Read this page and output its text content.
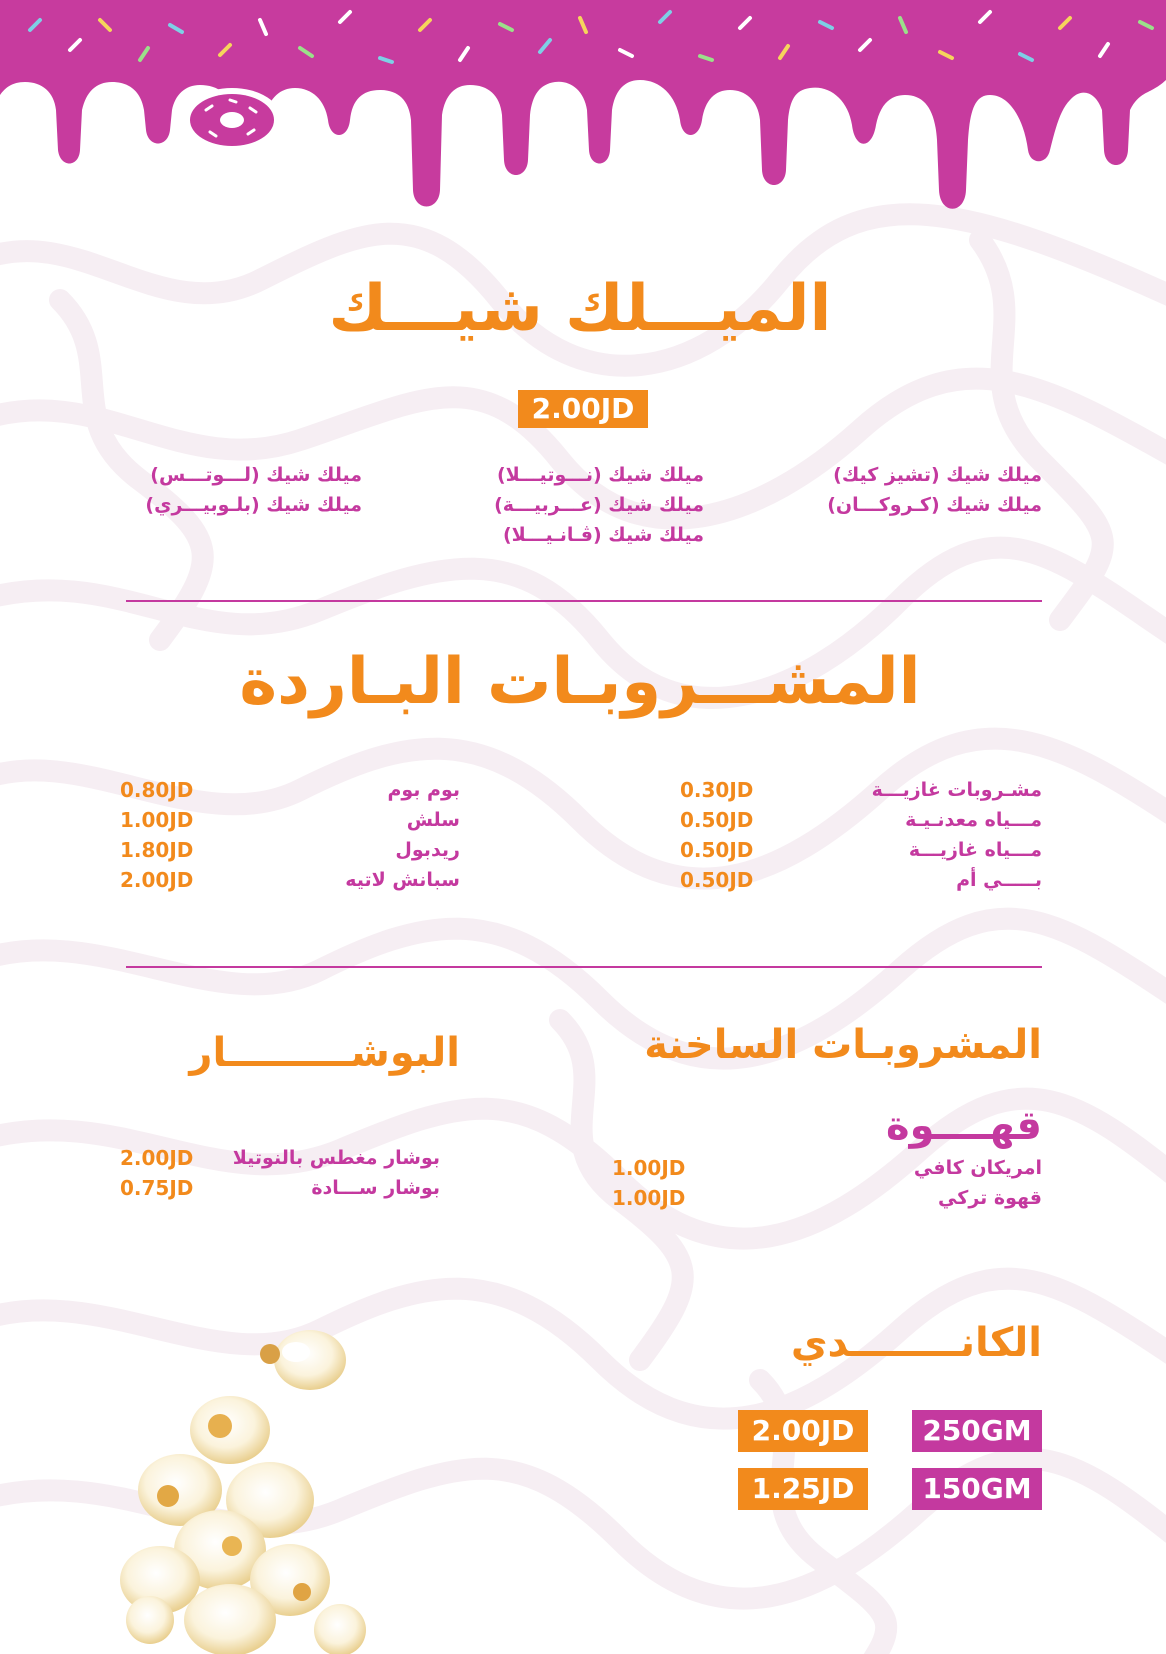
الميـــلك شيـــك
2.00JD
ميلك شيك (تشيز كيك)
ميلك شيك (كـروكـــان)
ميلك شيك (نـــوتيـــلا)
ميلك شيك (عـــربيـــة)
ميلك شيك (ڤـانـيـــلا)
ميلك شيك (لـــوتـــس)
ميلك شيك (بلـوبيـــري)
المشـــروبـات البـاردة
0.30JD	مشـروبات غازيـــة
0.50JD	مـــياه معدنـيـة
0.50JD	مـــياه غازيـــة
0.50JD	بـــــي أم
0.80JD	بوم بوم
1.00JD	سلش
1.80JD	ريدبول
2.00JD	سبانش لاتيه
المشروبـات الساخنة
قهــــوة
1.00JD	امريكان كافي
1.00JD	قهوة تركي
البوشـــــــــار
2.00JD بوشار مغطس بالنوتيلا
0.75JD	بوشار ســـادة
الكانــــــــدي
250GM
2.00JD
150GM
1.25JD
